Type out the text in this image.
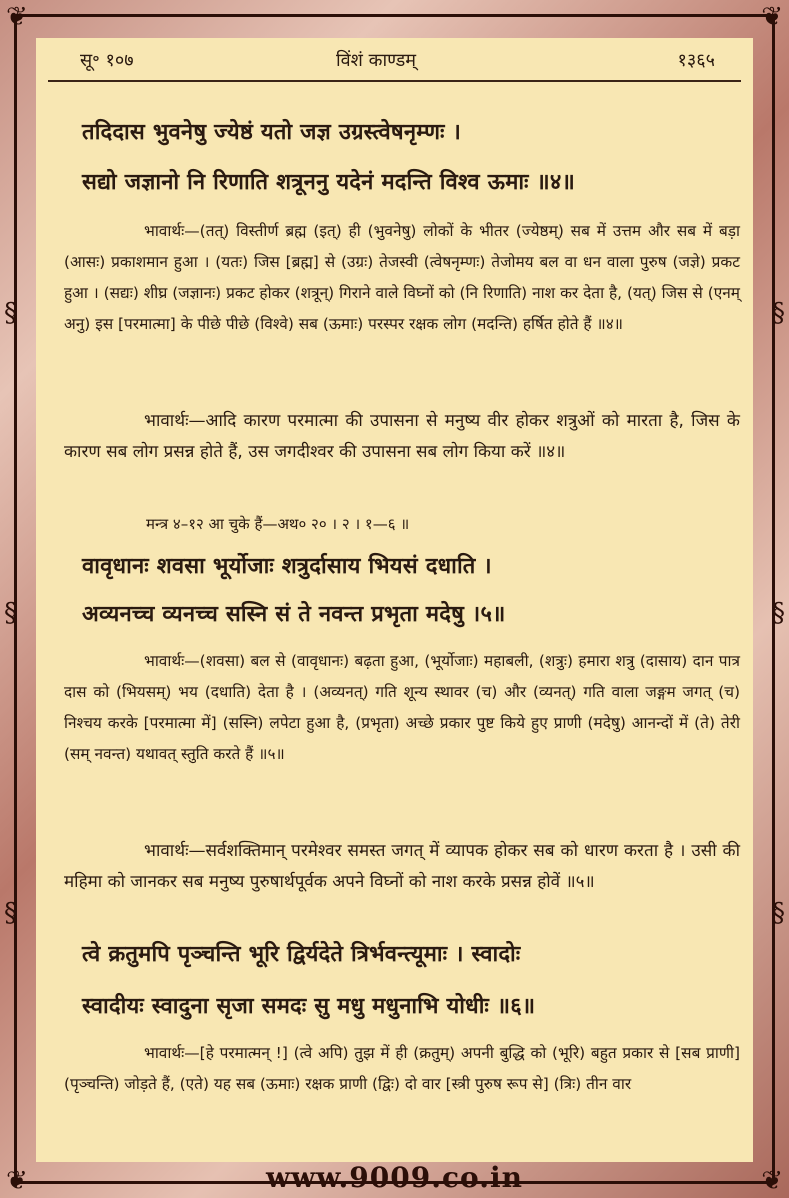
❦	❦
❦	❦
§
§
§
§
§
§
सू॰ १०७	विंशं काण्डम्	१३६५
तदिदास भुवनेषु ज्येष्ठं यतो जज्ञ उग्रस्त्वेषनृम्णः ।
सद्यो जज्ञानो नि रिणाति शत्रूननु यदेनं मदन्ति विश्व ऊमाः ॥४॥
भावार्थः—(तत्) विस्तीर्ण ब्रह्म (इत्) ही (भुवनेषु) लोकों के भीतर (ज्येष्ठम्) सब में उत्तम और सब में बड़ा (आसः) प्रकाशमान हुआ । (यतः) जिस [ब्रह्म] से (उग्रः) तेजस्वी (त्वेषनृम्णः) तेजोमय बल वा धन वाला पुरुष (जज्ञे) प्रकट हुआ । (सद्यः) शीघ्र (जज्ञानः) प्रकट होकर (शत्रून्) गिराने वाले विघ्नों को (नि रिणाति) नाश कर देता है, (यत्) जिस से (एनम् अनु) इस [परमात्मा] के पीछे पीछे (विश्वे) सब (ऊमाः) परस्पर रक्षक लोग (मदन्ति) हर्षित होते हैं ॥४॥
भावार्थः—आदि कारण परमात्मा की उपासना से मनुष्य वीर होकर शत्रुओं को मारता है, जिस के कारण सब लोग प्रसन्न होते हैं, उस जगदीश्वर की उपासना सब लोग किया करें ॥४॥
मन्त्र ४–१२ आ चुके हैं—अथ० २० । २ । १—६ ॥
वावृधानः शवसा भूर्योजाः शत्रुर्दासाय भियसं दधाति ।
अव्यनच्च व्यनच्च सस्नि सं ते नवन्त प्रभृता मदेषु ।५॥
भावार्थः—(शवसा) बल से (वावृधानः) बढ़ता हुआ, (भूर्योजाः) महाबली, (शत्रुः) हमारा शत्रु (दासाय) दान पात्र दास को (भियसम्) भय (दधाति) देता है । (अव्यनत्) गति शून्य स्थावर (च) और (व्यनत्) गति वाला जङ्गम जगत् (च) निश्चय करके [परमात्मा में] (सस्नि) लपेटा हुआ है, (प्रभृता) अच्छे प्रकार पुष्ट किये हुए प्राणी (मदेषु) आनन्दों में (ते) तेरी (सम् नवन्त) यथावत् स्तुति करते हैं ॥५॥
भावार्थः—सर्वशक्तिमान् परमेश्वर समस्त जगत् में व्यापक होकर सब को धारण करता है । उसी की महिमा को जानकर सब मनुष्य पुरुषार्थपूर्वक अपने विघ्नों को नाश करके प्रसन्न होवें ॥५॥
त्वे क्रतुमपि पृञ्चन्ति भूरि द्विर्यदेते त्रिर्भवन्त्यूमाः । स्वादोः
स्वादीयः स्वादुना सृजा समदः सु मधु मधुनाभि योधीः ॥६॥
भावार्थः—[हे परमात्मन् !] (त्वे अपि) तुझ में ही (क्रतुम्) अपनी बुद्धि को (भूरि) बहुत प्रकार से [सब प्राणी] (पृञ्चन्ति) जोड़ते हैं, (एते) यह सब (ऊमाः) रक्षक प्राणी (द्विः) दो वार [स्त्री पुरुष रूप से] (त्रिः) तीन वार
www.9009.co.in
